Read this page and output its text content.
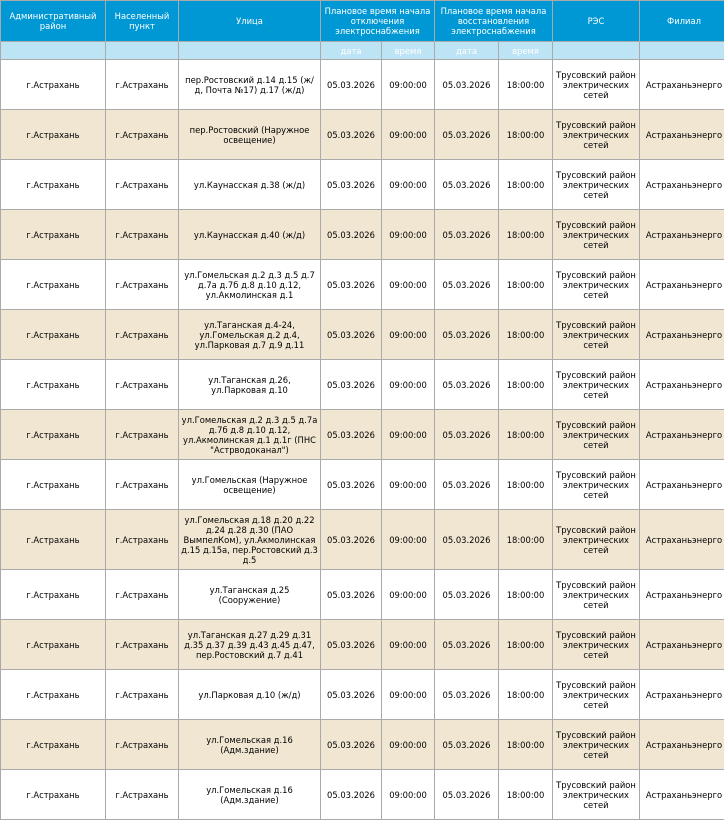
Административный район	Населенный пункт	Улица	Плановое время начала отключения электроснабжения		Плановое время начала восстановления электроснабжения		РЭС	Филиал
			дата	время	дата	время		
г.Астрахань	г.Астрахань	пер.Ростовский д.14 д.15 (ж/д, Почта №17) д.17 (ж/д)	05.03.2026	09:00:00	05.03.2026	18:00:00	Трусовский район электрических сетей	Астраханьэнерго
г.Астрахань	г.Астрахань	пер.Ростовский (Наружное освещение)	05.03.2026	09:00:00	05.03.2026	18:00:00	Трусовский район электрических сетей	Астраханьэнерго
г.Астрахань	г.Астрахань	ул.Каунасская д.38 (ж/д)	05.03.2026	09:00:00	05.03.2026	18:00:00	Трусовский район электрических сетей	Астраханьэнерго
г.Астрахань	г.Астрахань	ул.Каунасская д.40 (ж/д)	05.03.2026	09:00:00	05.03.2026	18:00:00	Трусовский район электрических сетей	Астраханьэнерго
г.Астрахань	г.Астрахань	ул.Гомельская д.2 д.3 д.5 д.7 д.7а д.7б д.8 д.10 д.12, ул.Акмолинская д.1	05.03.2026	09:00:00	05.03.2026	18:00:00	Трусовский район электрических сетей	Астраханьэнерго
г.Астрахань	г.Астрахань	ул.Таганская д.4-24, ул.Гомельская д.2 д.4, ул.Парковая д.7 д.9 д.11	05.03.2026	09:00:00	05.03.2026	18:00:00	Трусовский район электрических сетей	Астраханьэнерго
г.Астрахань	г.Астрахань	ул.Таганская д.26, ул.Парковая д.10	05.03.2026	09:00:00	05.03.2026	18:00:00	Трусовский район электрических сетей	Астраханьэнерго
г.Астрахань	г.Астрахань	ул.Гомельская д.2 д.3 д.5 д.7а д.7б д.8 д.10 д.12, ул.Акмолинская д.1 д.1г (ПНС "Астрводоканал")	05.03.2026	09:00:00	05.03.2026	18:00:00	Трусовский район электрических сетей	Астраханьэнерго
г.Астрахань	г.Астрахань	ул.Гомельская (Наружное освещение)	05.03.2026	09:00:00	05.03.2026	18:00:00	Трусовский район электрических сетей	Астраханьэнерго
г.Астрахань	г.Астрахань	ул.Гомельская д.18 д.20 д.22 д.24 д.28 д.30 (ПАО ВымпелКом), ул.Акмолинская д.15 д.15а, пер.Ростовский д.3 д.5	05.03.2026	09:00:00	05.03.2026	18:00:00	Трусовский район электрических сетей	Астраханьэнерго
г.Астрахань	г.Астрахань	ул.Таганская д.25 (Сооружение)	05.03.2026	09:00:00	05.03.2026	18:00:00	Трусовский район электрических сетей	Астраханьэнерго
г.Астрахань	г.Астрахань	ул.Таганская д.27 д.29 д.31 д.35 д.37 д.39 д.43 д.45 д.47, пер.Ростовский д.7 д.41	05.03.2026	09:00:00	05.03.2026	18:00:00	Трусовский район электрических сетей	Астраханьэнерго
г.Астрахань	г.Астрахань	ул.Парковая д.10 (ж/д)	05.03.2026	09:00:00	05.03.2026	18:00:00	Трусовский район электрических сетей	Астраханьэнерго
г.Астрахань	г.Астрахань	ул.Гомельская д.16 (Адм.здание)	05.03.2026	09:00:00	05.03.2026	18:00:00	Трусовский район электрических сетей	Астраханьэнерго
г.Астрахань	г.Астрахань	ул.Гомельская д.16 (Адм.здание)	05.03.2026	09:00:00	05.03.2026	18:00:00	Трусовский район электрических сетей	Астраханьэнерго
